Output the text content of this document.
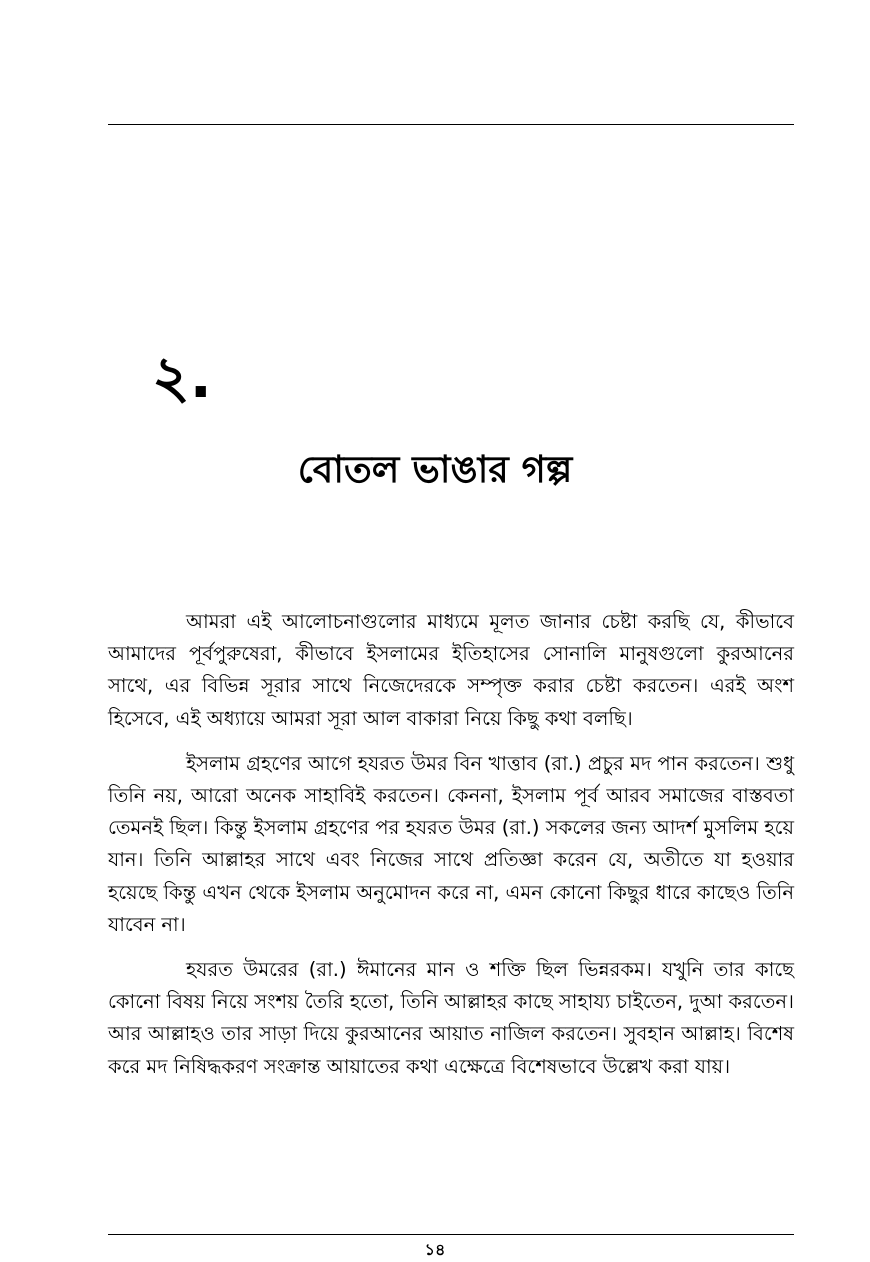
২.
বোতল ভাঙার গল্প

আমরা এই আলোচনাগুলোর মাধ্যমে মূলত জানার চেষ্টা করছি যে, কীভাবে আমাদের পূর্বপুরুষেরা, কীভাবে ইসলামের ইতিহাসের সোনালি মানুষগুলো কুরআনের সাথে, এর বিভিন্ন সূরার সাথে নিজেদেরকে সম্পৃক্ত করার চেষ্টা করতেন। এরই অংশ হিসেবে, এই অধ্যায়ে আমরা সূরা আল বাকারা নিয়ে কিছু কথা বলছি।

ইসলাম গ্রহণের আগে হযরত উমর বিন খাত্তাব (রা.) প্রচুর মদ পান করতেন। শুধু তিনি নয়, আরো অনেক সাহাবিই করতেন। কেননা, ইসলাম পূর্ব আরব সমাজের বাস্তবতা তেমনই ছিল। কিন্তু ইসলাম গ্রহণের পর হযরত উমর (রা.) সকলের জন্য আদর্শ মুসলিম হয়ে যান। তিনি আল্লাহর সাথে এবং নিজের সাথে প্রতিজ্ঞা করেন যে, অতীতে যা হওয়ার হয়েছে কিন্তু এখন থেকে ইসলাম অনুমোদন করে না, এমন কোনো কিছুর ধারে কাছেও তিনি যাবেন না।

হযরত উমরের (রা.) ঈমানের মান ও শক্তি ছিল ভিন্নরকম। যখুনি তার কাছে কোনো বিষয় নিয়ে সংশয় তৈরি হতো, তিনি আল্লাহর কাছে সাহায্য চাইতেন, দুআ করতেন। আর আল্লাহও তার সাড়া দিয়ে কুরআনের আয়াত নাজিল করতেন। সুবহান আল্লাহ। বিশেষ করে মদ নিষিদ্ধকরণ সংক্রান্ত আয়াতের কথা এক্ষেত্রে বিশেষভাবে উল্লেখ করা যায়।

১৪
